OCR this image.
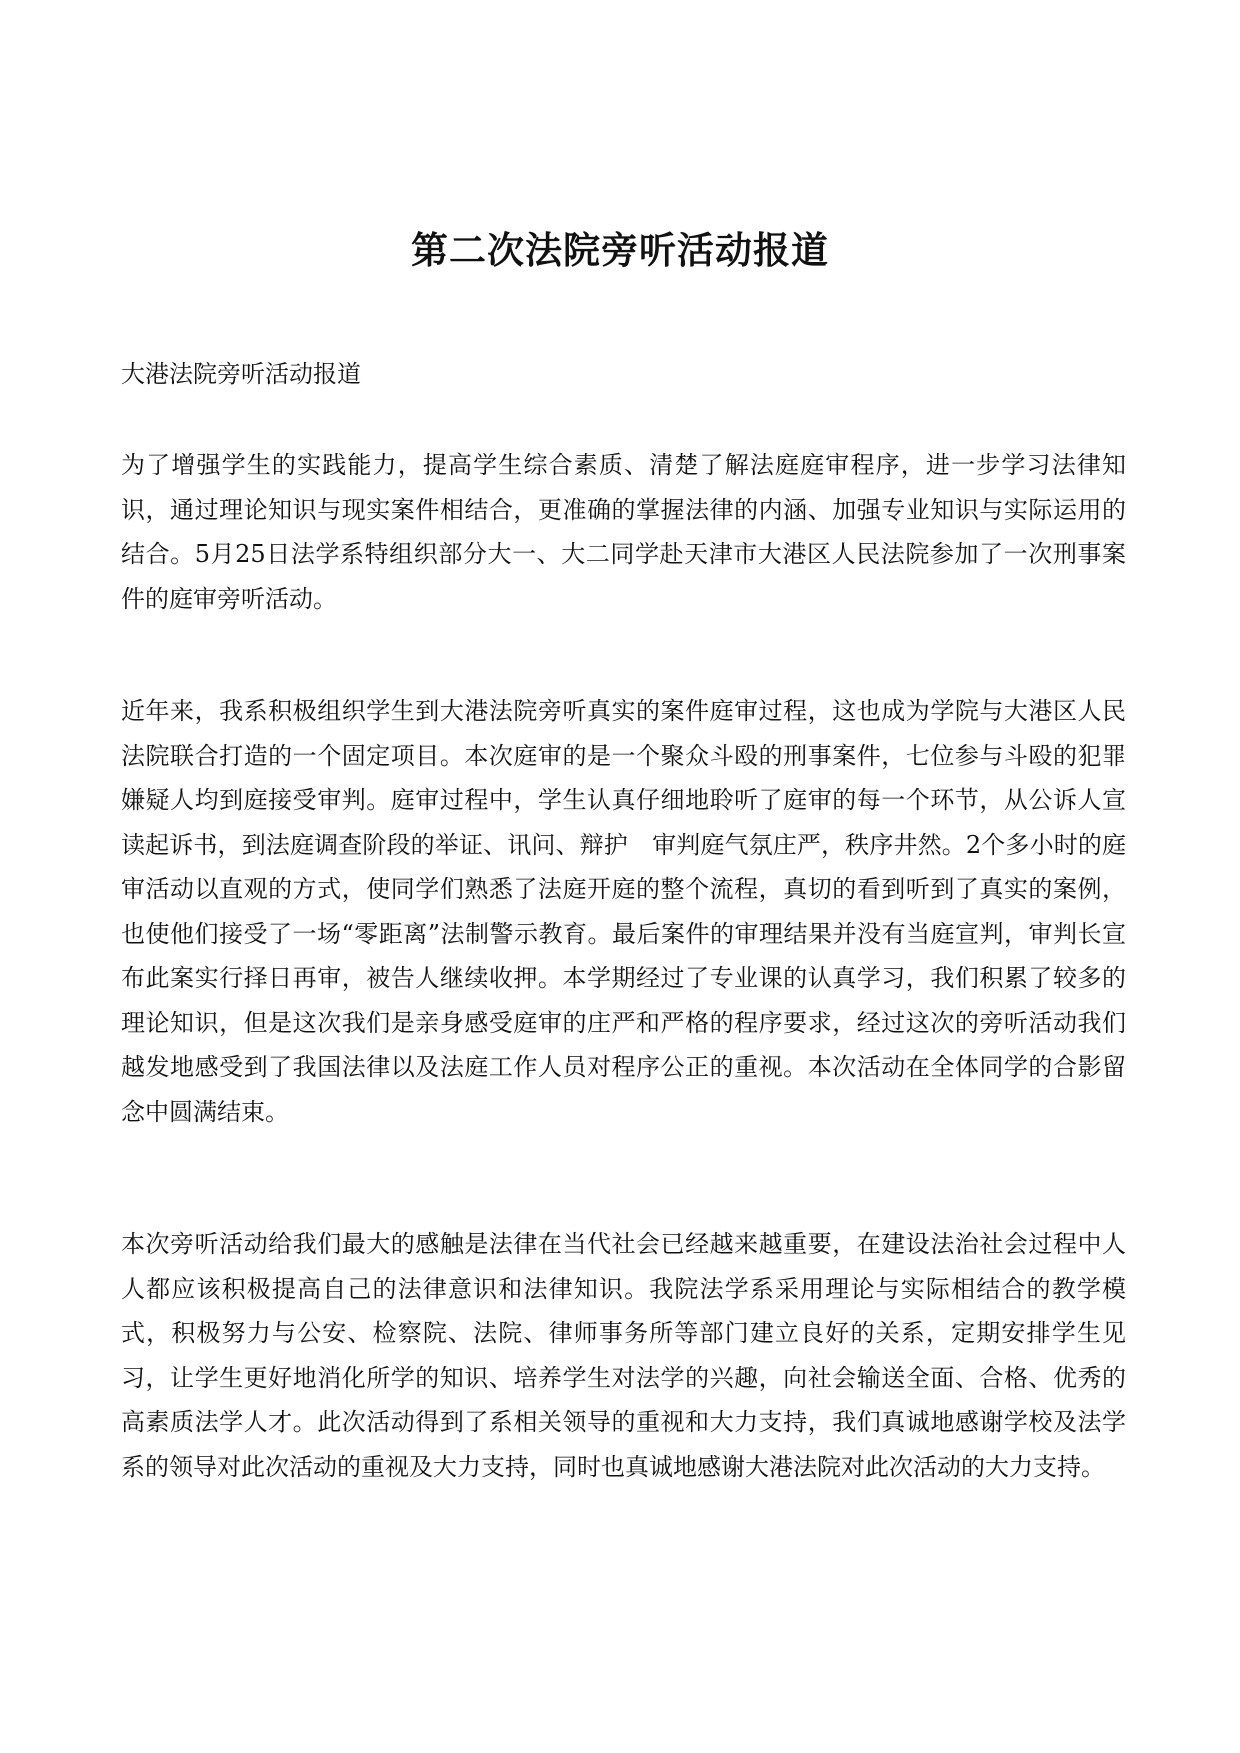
第二次法院旁听活动报道

大港法院旁听活动报道

为了增强学生的实践能力，提高学生综合素质、清楚了解法庭庭审程序，进一步学习法律知识，通过理论知识与现实案件相结合，更准确的掌握法律的内涵、加强专业知识与实际运用的结合。5月25日法学系特组织部分大一、大二同学赴天津市大港区人民法院参加了一次刑事案件的庭审旁听活动。

近年来，我系积极组织学生到大港法院旁听真实的案件庭审过程，这也成为学院与大港区人民法院联合打造的一个固定项目。本次庭审的是一个聚众斗殴的刑事案件，七位参与斗殴的犯罪嫌疑人均到庭接受审判。庭审过程中，学生认真仔细地聆听了庭审的每一个环节，从公诉人宣读起诉书，到法庭调查阶段的举证、讯问、辩护　审判庭气氛庄严，秩序井然。2个多小时的庭审活动以直观的方式，使同学们熟悉了法庭开庭的整个流程，真切的看到听到了真实的案例，也使他们接受了一场“零距离”法制警示教育。最后案件的审理结果并没有当庭宣判，审判长宣布此案实行择日再审，被告人继续收押。本学期经过了专业课的认真学习，我们积累了较多的理论知识，但是这次我们是亲身感受庭审的庄严和严格的程序要求，经过这次的旁听活动我们越发地感受到了我国法律以及法庭工作人员对程序公正的重视。本次活动在全体同学的合影留念中圆满结束。

本次旁听活动给我们最大的感触是法律在当代社会已经越来越重要，在建设法治社会过程中人人都应该积极提高自己的法律意识和法律知识。我院法学系采用理论与实际相结合的教学模式，积极努力与公安、检察院、法院、律师事务所等部门建立良好的关系，定期安排学生见习，让学生更好地消化所学的知识、培养学生对法学的兴趣，向社会输送全面、合格、优秀的高素质法学人才。此次活动得到了系相关领导的重视和大力支持，我们真诚地感谢学校及法学系的领导对此次活动的重视及大力支持，同时也真诚地感谢大港法院对此次活动的大力支持。
